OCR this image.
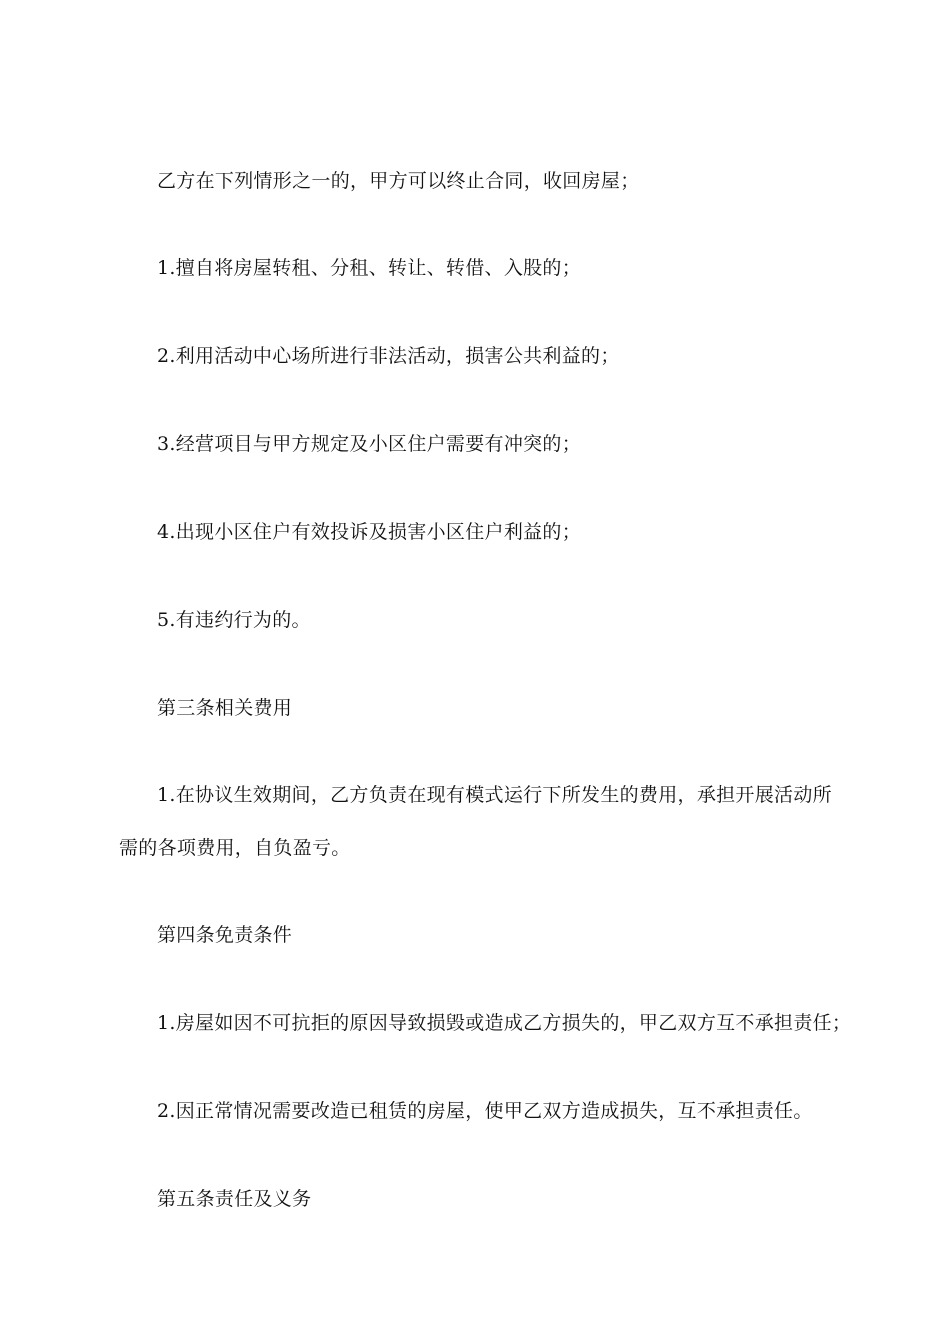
乙方在下列情形之一的，甲方可以终止合同，收回房屋；
1.擅自将房屋转租、分租、转让、转借、入股的；
2.利用活动中心场所进行非法活动，损害公共利益的；
3.经营项目与甲方规定及小区住户需要有冲突的；
4.出现小区住户有效投诉及损害小区住户利益的；
5.有违约行为的。
第三条相关费用
1.在协议生效期间，乙方负责在现有模式运行下所发生的费用，承担开展活动所
需的各项费用，自负盈亏。
第四条免责条件
1.房屋如因不可抗拒的原因导致损毁或造成乙方损失的，甲乙双方互不承担责任；
2.因正常情况需要改造已租赁的房屋，使甲乙双方造成损失，互不承担责任。
第五条责任及义务
